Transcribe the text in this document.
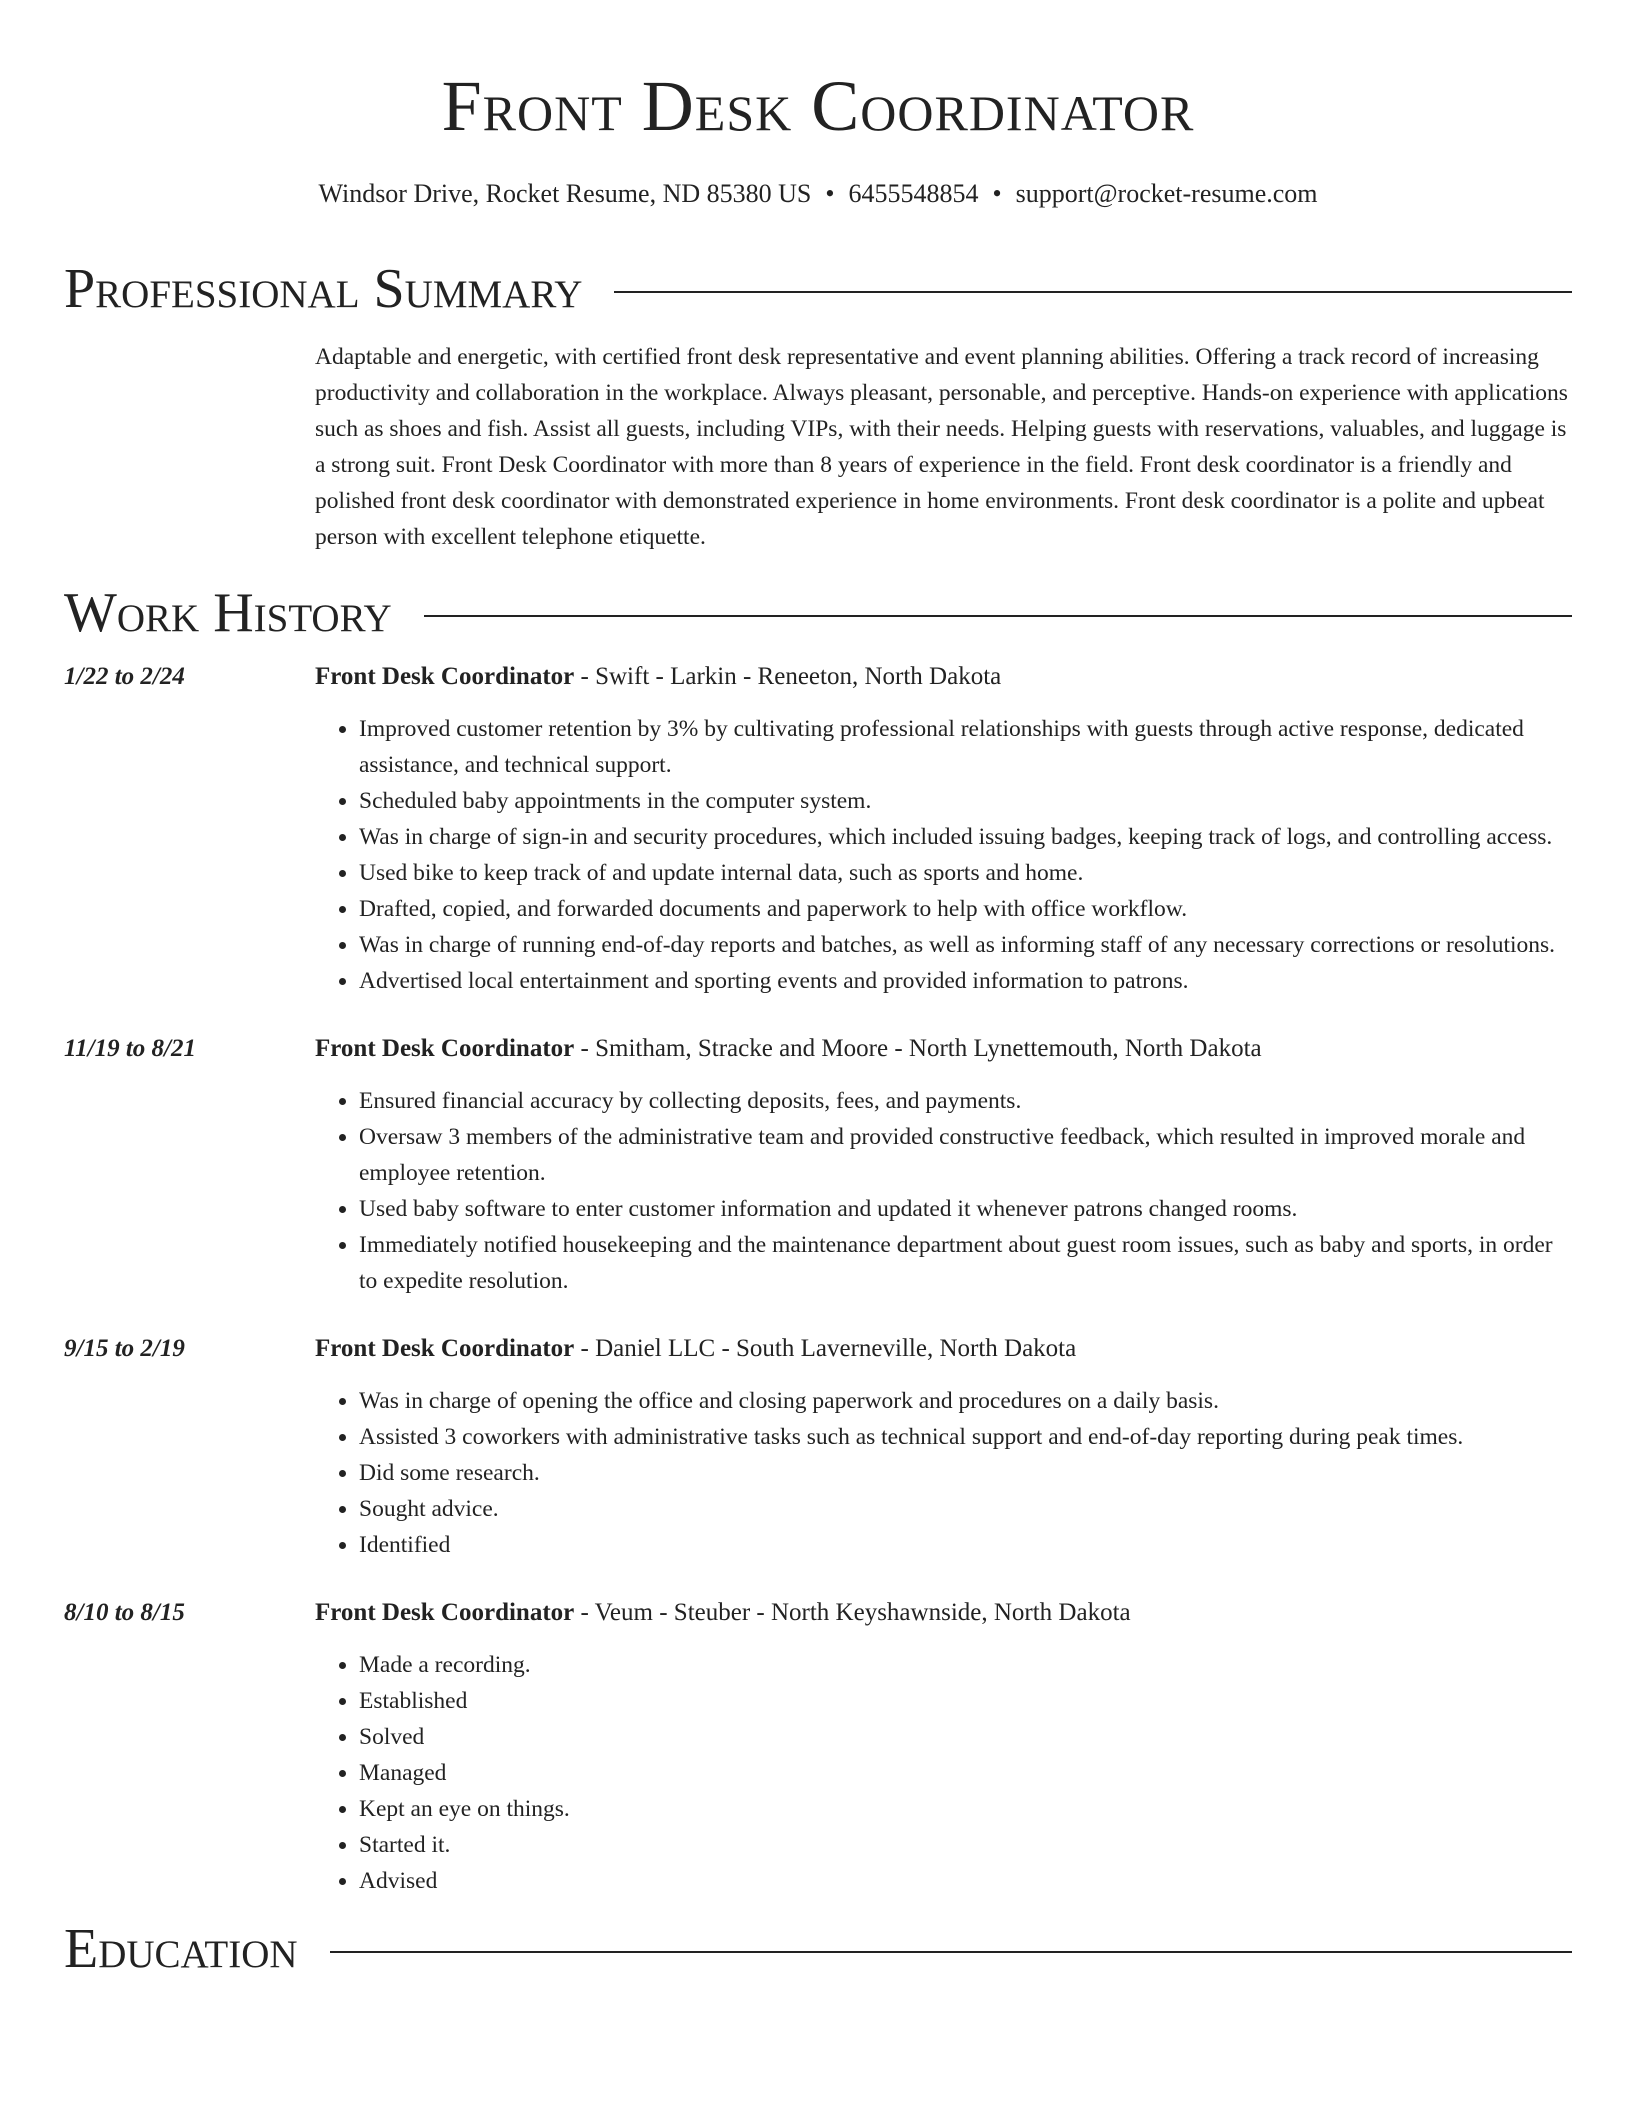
Front Desk Coordinator
Windsor Drive, Rocket Resume, ND 85380 US • 6455548854 • support@rocket-resume.com
Professional Summary
Adaptable and energetic, with certified front desk representative and event planning abilities. Offering a track record of increasing productivity and collaboration in the workplace. Always pleasant, personable, and perceptive. Hands-on experience with applications such as shoes and fish. Assist all guests, including VIPs, with their needs. Helping guests with reservations, valuables, and luggage is a strong suit. Front Desk Coordinator with more than 8 years of experience in the field. Front desk coordinator is a friendly and polished front desk coordinator with demonstrated experience in home environments. Front desk coordinator is a polite and upbeat person with excellent telephone etiquette.
Work History
1/22 to 2/24	Front Desk Coordinator - Swift - Larkin - Reneeton, North Dakota
• Improved customer retention by 3% by cultivating professional relationships with guests through active response, dedicated assistance, and technical support.
• Scheduled baby appointments in the computer system.
• Was in charge of sign-in and security procedures, which included issuing badges, keeping track of logs, and controlling access.
• Used bike to keep track of and update internal data, such as sports and home.
• Drafted, copied, and forwarded documents and paperwork to help with office workflow.
• Was in charge of running end-of-day reports and batches, as well as informing staff of any necessary corrections or resolutions.
• Advertised local entertainment and sporting events and provided information to patrons.
11/19 to 8/21	Front Desk Coordinator - Smitham, Stracke and Moore - North Lynettemouth, North Dakota
• Ensured financial accuracy by collecting deposits, fees, and payments.
• Oversaw 3 members of the administrative team and provided constructive feedback, which resulted in improved morale and employee retention.
• Used baby software to enter customer information and updated it whenever patrons changed rooms.
• Immediately notified housekeeping and the maintenance department about guest room issues, such as baby and sports, in order to expedite resolution.
9/15 to 2/19	Front Desk Coordinator - Daniel LLC - South Laverneville, North Dakota
• Was in charge of opening the office and closing paperwork and procedures on a daily basis.
• Assisted 3 coworkers with administrative tasks such as technical support and end-of-day reporting during peak times.
• Did some research.
• Sought advice.
• Identified
8/10 to 8/15	Front Desk Coordinator - Veum - Steuber - North Keyshawnside, North Dakota
• Made a recording.
• Established
• Solved
• Managed
• Kept an eye on things.
• Started it.
• Advised
Education
